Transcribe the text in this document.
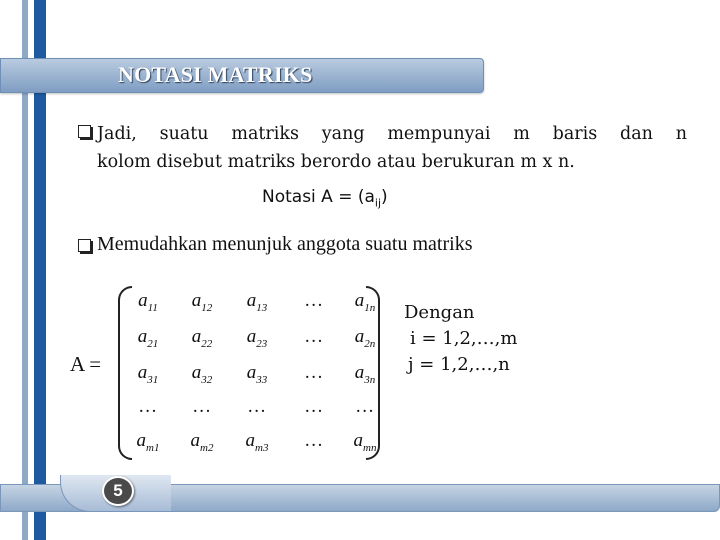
NOTASI MATRIKS
Jadi, suatu matriks yang mempunyai m baris dan n
kolom disebut matriks berordo atau berukuran m x n.
Notasi $A = (a_{ij})$
Memudahkan menunjuk anggota suatu matriks
A =
$a_{11}$	$a_{12}$	$a_{13}$	…	$a_{1n}$
$a_{21}$	$a_{22}$	$a_{23}$	…	$a_{2n}$
$a_{31}$	$a_{32}$	$a_{33}$	…	$a_{3n}$
…	…	…	…	…
$a_{m1}$	$a_{m2}$	$a_{m3}$	…	$a_{mn}$
Dengan
i = 1,2,…,m
j = 1,2,…,n
5
